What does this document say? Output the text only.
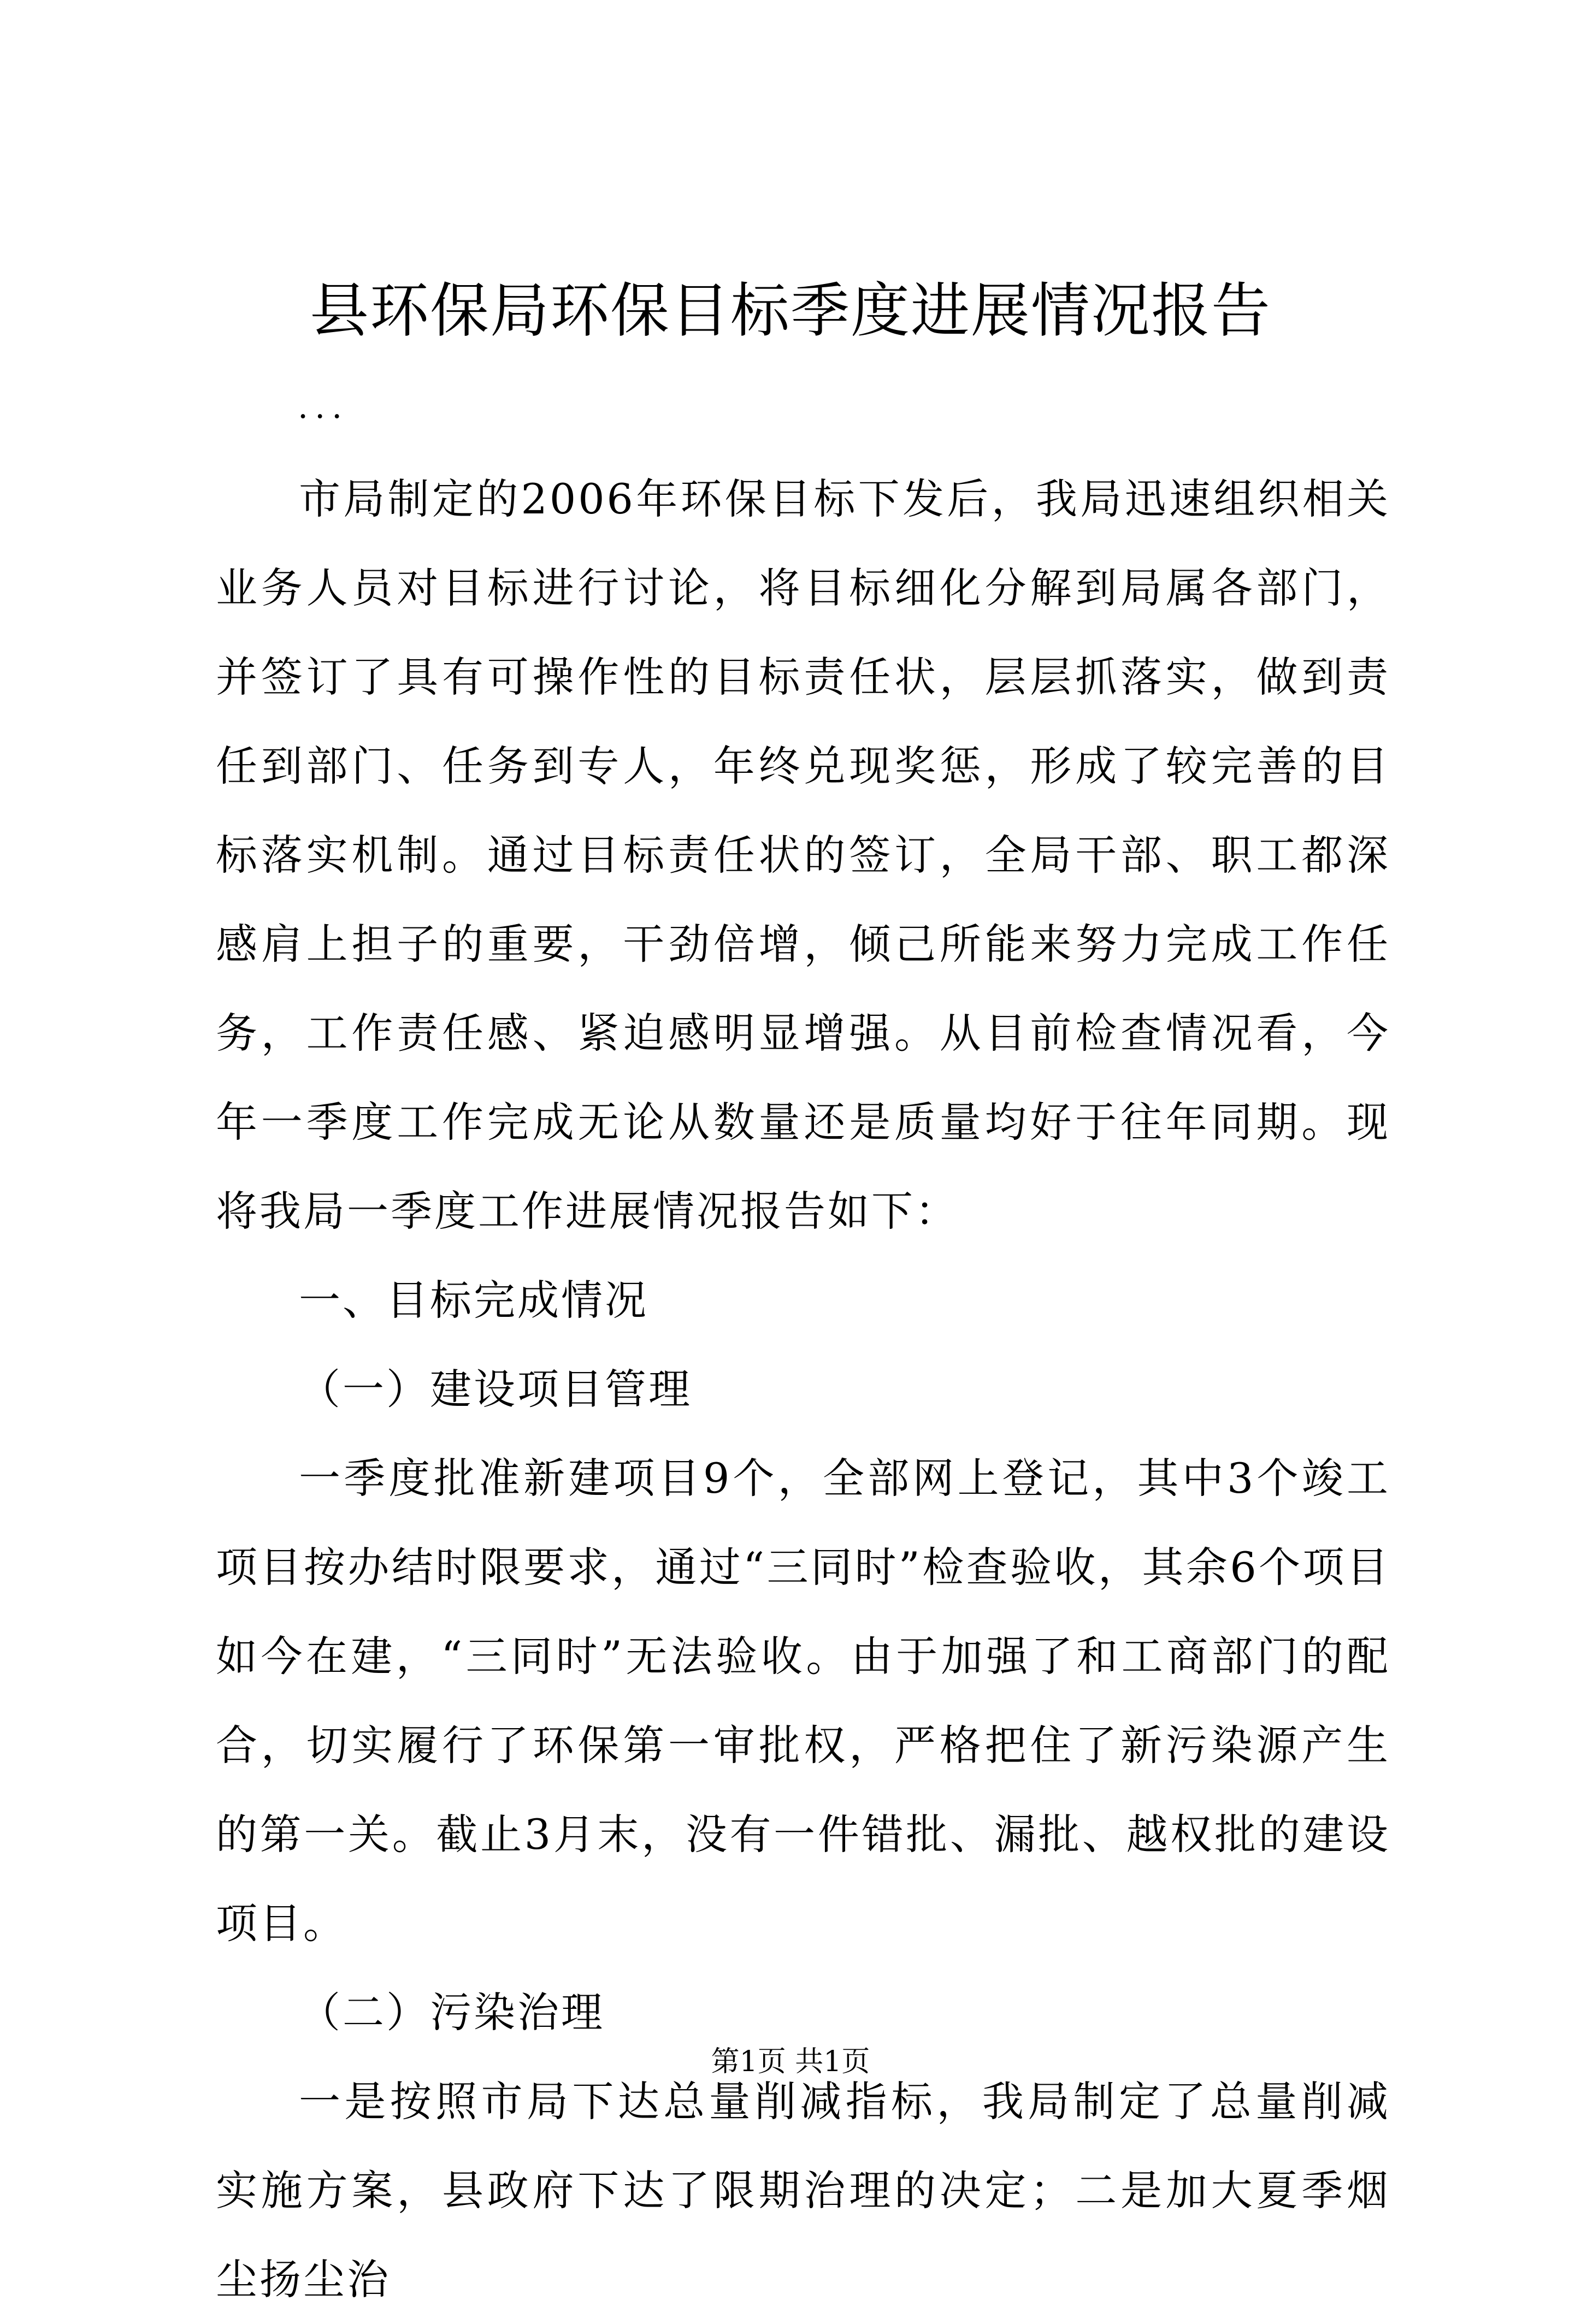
县环保局环保目标季度进展情况报告
...

市局制定的2006年环保目标下发后，我局迅速组织相关业务人员对目标进行讨论，将目标细化分解到局属各部门，并签订了具有可操作性的目标责任状，层层抓落实，做到责任到部门、任务到专人，年终兑现奖惩，形成了较完善的目标落实机制。通过目标责任状的签订，全局干部、职工都深感肩上担子的重要，干劲倍增，倾己所能来努力完成工作任务，工作责任感、紧迫感明显增强。从目前检查情况看，今年一季度工作完成无论从数量还是质量均好于往年同期。现将我局一季度工作进展情况报告如下：

一、目标完成情况
（一）建设项目管理

一季度批准新建项目9个，全部网上登记，其中3个竣工项目按办结时限要求，通过“三同时”检查验收，其余6个项目如今在建，“三同时”无法验收。由于加强了和工商部门的配合，切实履行了环保第一审批权，严格把住了新污染源产生的第一关。截止3月末，没有一件错批、漏批、越权批的建设项目。

（二）污染治理

一是按照市局下达总量削减指标，我局制定了总量削减实施方案，县政府下达了限期治理的决定；二是加大夏季烟尘扬尘治

第1页 共1页
